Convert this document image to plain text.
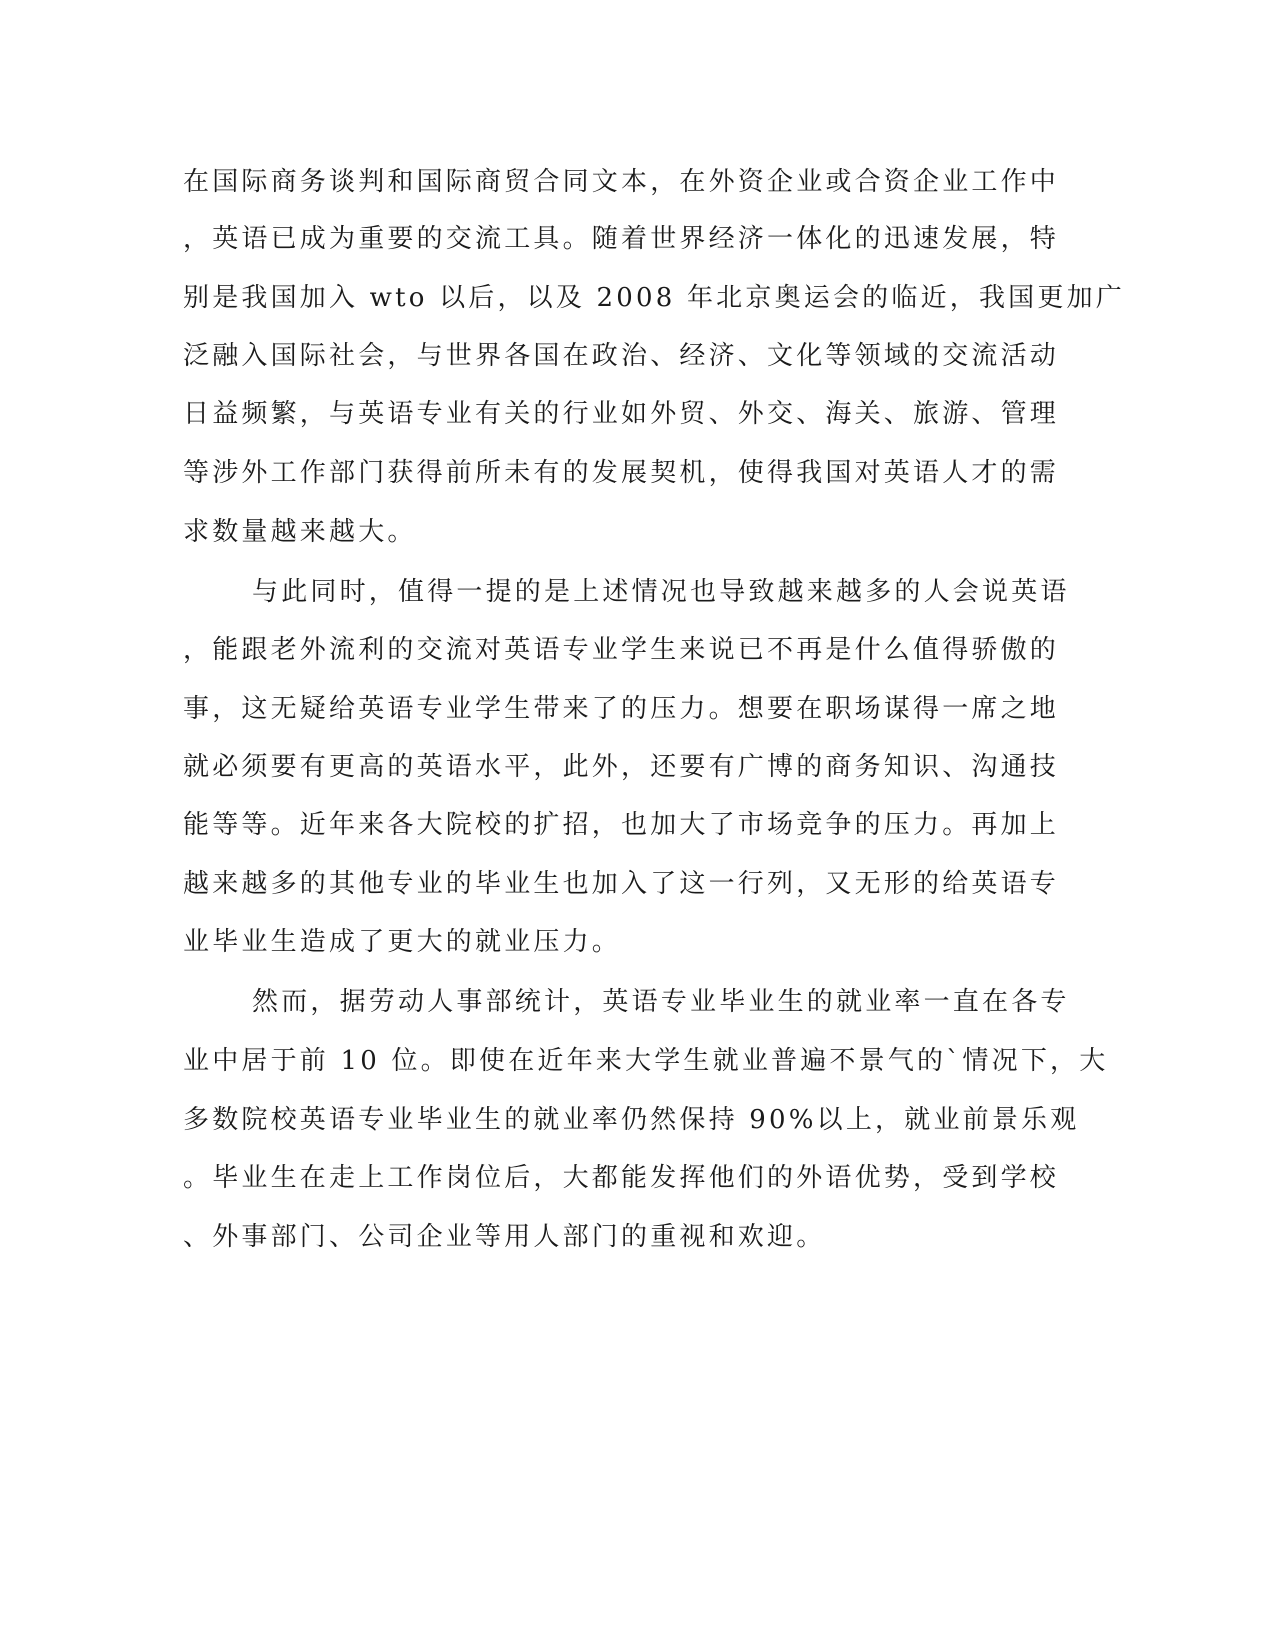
在国际商务谈判和国际商贸合同文本，在外资企业或合资企业工作中
，英语已成为重要的交流工具。随着世界经济一体化的迅速发展，特
别是我国加入 wto 以后，以及 2008 年北京奥运会的临近，我国更加广
泛融入国际社会，与世界各国在政治、经济、文化等领域的交流活动
日益频繁，与英语专业有关的行业如外贸、外交、海关、旅游、管理
等涉外工作部门获得前所未有的发展契机，使得我国对英语人才的需
求数量越来越大。
与此同时，值得一提的是上述情况也导致越来越多的人会说英语
，能跟老外流利的交流对英语专业学生来说已不再是什么值得骄傲的
事，这无疑给英语专业学生带来了的压力。想要在职场谋得一席之地
就必须要有更高的英语水平，此外，还要有广博的商务知识、沟通技
能等等。近年来各大院校的扩招，也加大了市场竞争的压力。再加上
越来越多的其他专业的毕业生也加入了这一行列，又无形的给英语专
业毕业生造成了更大的就业压力。
然而，据劳动人事部统计，英语专业毕业生的就业率一直在各专
业中居于前 10 位。即使在近年来大学生就业普遍不景气的`情况下，大
多数院校英语专业毕业生的就业率仍然保持 90%以上，就业前景乐观
。毕业生在走上工作岗位后，大都能发挥他们的外语优势，受到学校
、外事部门、公司企业等用人部门的重视和欢迎。
